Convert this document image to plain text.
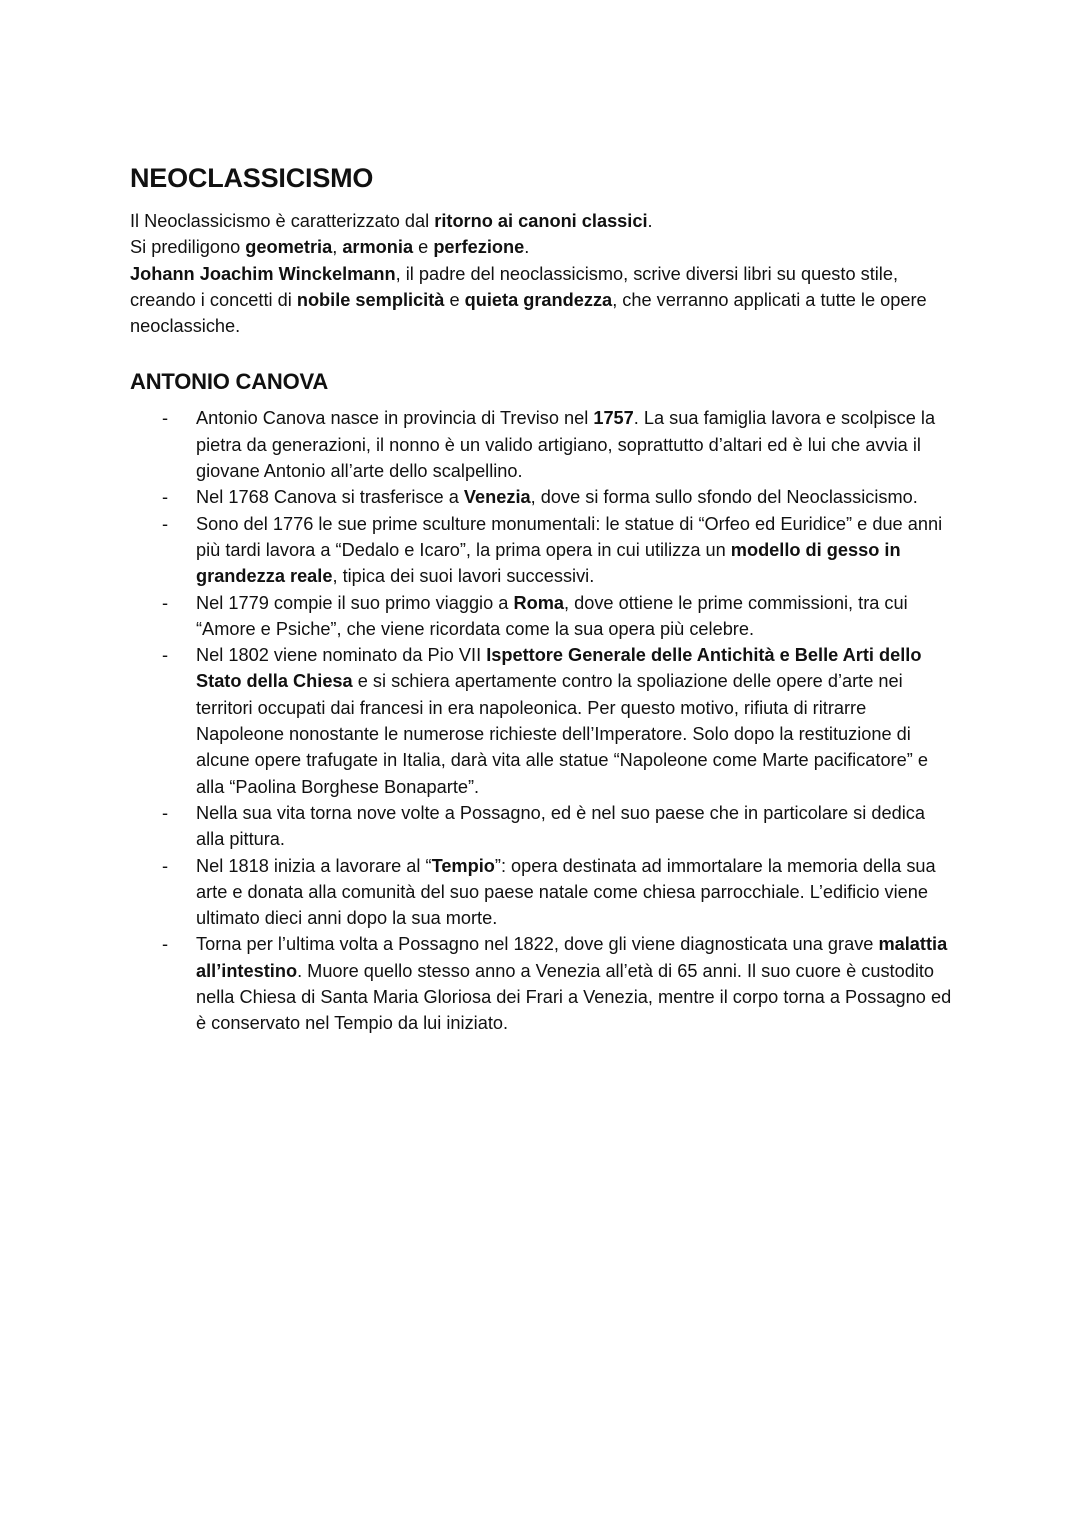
NEOCLASSICISMO

Il Neoclassicismo è caratterizzato dal ritorno ai canoni classici.

Si prediligono geometria, armonia e perfezione.

Johann Joachim Winckelmann, il padre del neoclassicismo, scrive diversi libri su questo stile, creando i concetti di nobile semplicità e quieta grandezza, che verranno applicati a tutte le opere neoclassiche.

ANTONIO CANOVA
- Antonio Canova nasce in provincia di Treviso nel 1757. La sua famiglia lavora e scolpisce la pietra da generazioni, il nonno è un valido artigiano, soprattutto d’altari ed è lui che avvia il giovane Antonio all’arte dello scalpellino.
- Nel 1768 Canova si trasferisce a Venezia, dove si forma sullo sfondo del Neoclassicismo.
- Sono del 1776 le sue prime sculture monumentali: le statue di “Orfeo ed Euridice” e due anni più tardi lavora a “Dedalo e Icaro”, la prima opera in cui utilizza un modello di gesso in grandezza reale, tipica dei suoi lavori successivi.
- Nel 1779 compie il suo primo viaggio a Roma, dove ottiene le prime commissioni, tra cui “Amore e Psiche”, che viene ricordata come la sua opera più celebre.
- Nel 1802 viene nominato da Pio VII Ispettore Generale delle Antichità e Belle Arti dello Stato della Chiesa e si schiera apertamente contro la spoliazione delle opere d’arte nei territori occupati dai francesi in era napoleonica. Per questo motivo, rifiuta di ritrarre Napoleone nonostante le numerose richieste dell’Imperatore. Solo dopo la restituzione di alcune opere trafugate in Italia, darà vita alle statue “Napoleone come Marte pacificatore” e alla “Paolina Borghese Bonaparte”.
- Nella sua vita torna nove volte a Possagno, ed è nel suo paese che in particolare si dedica alla pittura.
- Nel 1818 inizia a lavorare al “Tempio”: opera destinata ad immortalare la memoria della sua arte e donata alla comunità del suo paese natale come chiesa parrocchiale. L’edificio viene ultimato dieci anni dopo la sua morte.
- Torna per l’ultima volta a Possagno nel 1822, dove gli viene diagnosticata una grave malattia all’intestino. Muore quello stesso anno a Venezia all’età di 65 anni. Il suo cuore è custodito nella Chiesa di Santa Maria Gloriosa dei Frari a Venezia, mentre il corpo torna a Possagno ed è conservato nel Tempio da lui iniziato.
